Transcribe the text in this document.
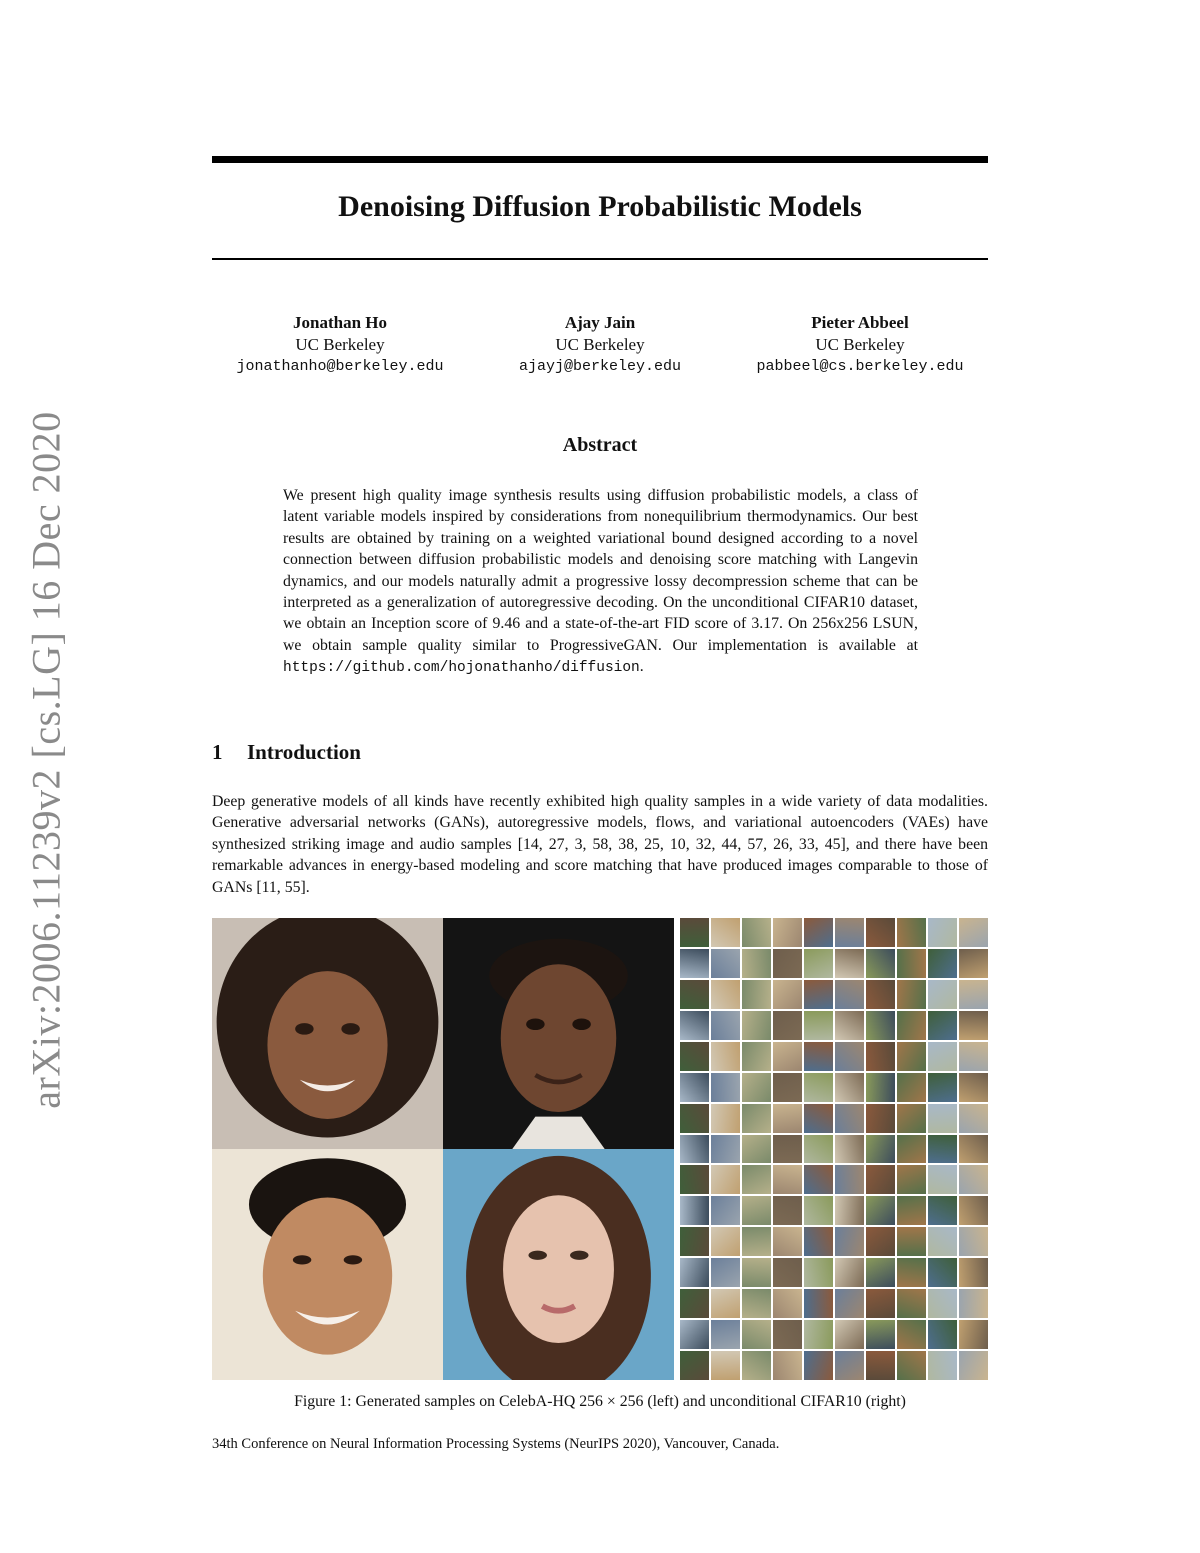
arXiv:2006.11239v2 [cs.LG] 16 Dec 2020
Denoising Diffusion Probabilistic Models
Jonathan Ho
UC Berkeley
jonathanho@berkeley.edu
Ajay Jain
UC Berkeley
ajayj@berkeley.edu
Pieter Abbeel
UC Berkeley
pabbeel@cs.berkeley.edu
Abstract

We present high quality image synthesis results using diffusion probabilistic models, a class of latent variable models inspired by considerations from nonequilibrium thermodynamics. Our best results are obtained by training on a weighted variational bound designed according to a novel connection between diffusion probabilistic models and denoising score matching with Langevin dynamics, and our models naturally admit a progressive lossy decompression scheme that can be interpreted as a generalization of autoregressive decoding. On the unconditional CIFAR10 dataset, we obtain an Inception score of 9.46 and a state-of-the-art FID score of 3.17. On 256x256 LSUN, we obtain sample quality similar to ProgressiveGAN. Our implementation is available at https://github.com/hojonathanho/diffusion.

1 Introduction

Deep generative models of all kinds have recently exhibited high quality samples in a wide variety of data modalities. Generative adversarial networks (GANs), autoregressive models, flows, and variational autoencoders (VAEs) have synthesized striking image and audio samples [14, 27, 3, 58, 38, 25, 10, 32, 44, 57, 26, 33, 45], and there have been remarkable advances in energy-based modeling and score matching that have produced images comparable to those of GANs [11, 55].

Figure 1: Generated samples on CelebA-HQ 256 × 256 (left) and unconditional CIFAR10 (right)

34th Conference on Neural Information Processing Systems (NeurIPS 2020), Vancouver, Canada.
